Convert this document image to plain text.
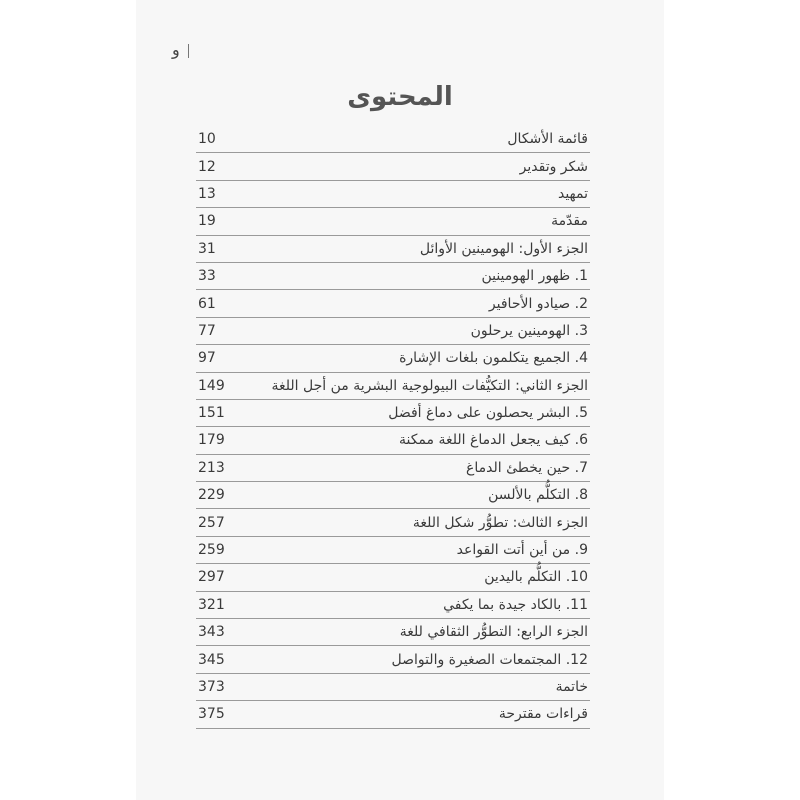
و
المحتوى
10	قائمة الأشكال
12	شكر وتقدير
13	تمهيد
19	مقدّمة
31	الجزء الأول: الهومينين الأوائل
33	1. ظهور الهومينين
61	2. صيادو الأحافير
77	3. الهومينين يرحلون
97	4. الجميع يتكلمون بلغات الإشارة
149	الجزء الثاني: التكيُّفات البيولوجية البشرية من أجل اللغة
151	5. البشر يحصلون على دماغ أفضل
179	6. كيف يجعل الدماغ اللغة ممكنة
213	7. حين يخطئ الدماغ
229	8. التكلُّم بالألسن
257	الجزء الثالث: تطوُّر شكل اللغة
259	9. من أين أتت القواعد
297	10. التكلُّم باليدين
321	11. بالكاد جيدة بما يكفي
343	الجزء الرابع: التطوُّر الثقافي للغة
345	12. المجتمعات الصغيرة والتواصل
373	خاتمة
375	قراءات مقترحة
